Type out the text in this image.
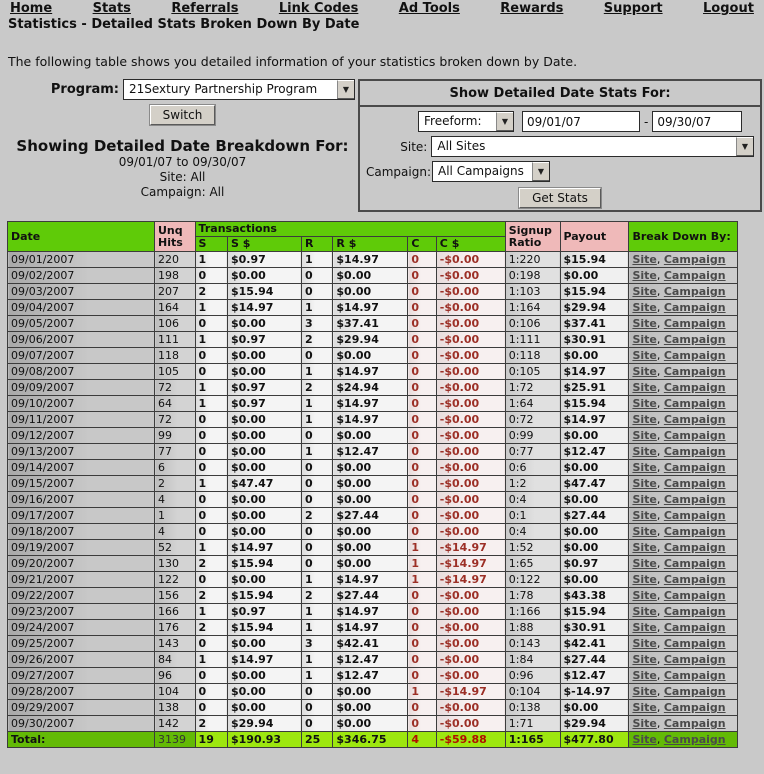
Home	Stats	Referrals	Link Codes	Ad Tools	Rewards	Support	Logout
Statistics - Detailed Stats Broken Down By Date
The following table shows you detailed information of your statistics broken down by Date.
Program: 21Sextury Partnership Program	▼
Switch
Showing Detailed Date Breakdown For:
09/01/07 to 09/30/07
Site: All
Campaign: All
Show Detailed Date Stats For:
Freeform:	▼
09/01/07	-
09/30/07
Site: All Sites	▼
Campaign: All Campaigns	▼
Get Stats
Date	Unq Hits	Transactions						Signup Ratio	Payout	Break Down By:
		S	S $	R	R $	C	C $			
09/01/2007	220	1	$0.97	1	$14.97	0	-$0.00	1:220	$15.94	Site, Campaign
09/02/2007	198	0	$0.00	0	$0.00	0	-$0.00	0:198	$0.00	Site, Campaign
09/03/2007	207	2	$15.94	0	$0.00	0	-$0.00	1:103	$15.94	Site, Campaign
09/04/2007	164	1	$14.97	1	$14.97	0	-$0.00	1:164	$29.94	Site, Campaign
09/05/2007	106	0	$0.00	3	$37.41	0	-$0.00	0:106	$37.41	Site, Campaign
09/06/2007	111	1	$0.97	2	$29.94	0	-$0.00	1:111	$30.91	Site, Campaign
09/07/2007	118	0	$0.00	0	$0.00	0	-$0.00	0:118	$0.00	Site, Campaign
09/08/2007	105	0	$0.00	1	$14.97	0	-$0.00	0:105	$14.97	Site, Campaign
09/09/2007	72	1	$0.97	2	$24.94	0	-$0.00	1:72	$25.91	Site, Campaign
09/10/2007	64	1	$0.97	1	$14.97	0	-$0.00	1:64	$15.94	Site, Campaign
09/11/2007	72	0	$0.00	1	$14.97	0	-$0.00	0:72	$14.97	Site, Campaign
09/12/2007	99	0	$0.00	0	$0.00	0	-$0.00	0:99	$0.00	Site, Campaign
09/13/2007	77	0	$0.00	1	$12.47	0	-$0.00	0:77	$12.47	Site, Campaign
09/14/2007	6	0	$0.00	0	$0.00	0	-$0.00	0:6	$0.00	Site, Campaign
09/15/2007	2	1	$47.47	0	$0.00	0	-$0.00	1:2	$47.47	Site, Campaign
09/16/2007	4	0	$0.00	0	$0.00	0	-$0.00	0:4	$0.00	Site, Campaign
09/17/2007	1	0	$0.00	2	$27.44	0	-$0.00	0:1	$27.44	Site, Campaign
09/18/2007	4	0	$0.00	0	$0.00	0	-$0.00	0:4	$0.00	Site, Campaign
09/19/2007	52	1	$14.97	0	$0.00	1	-$14.97	1:52	$0.00	Site, Campaign
09/20/2007	130	2	$15.94	0	$0.00	1	-$14.97	1:65	$0.97	Site, Campaign
09/21/2007	122	0	$0.00	1	$14.97	1	-$14.97	0:122	$0.00	Site, Campaign
09/22/2007	156	2	$15.94	2	$27.44	0	-$0.00	1:78	$43.38	Site, Campaign
09/23/2007	166	1	$0.97	1	$14.97	0	-$0.00	1:166	$15.94	Site, Campaign
09/24/2007	176	2	$15.94	1	$14.97	0	-$0.00	1:88	$30.91	Site, Campaign
09/25/2007	143	0	$0.00	3	$42.41	0	-$0.00	0:143	$42.41	Site, Campaign
09/26/2007	84	1	$14.97	1	$12.47	0	-$0.00	1:84	$27.44	Site, Campaign
09/27/2007	96	0	$0.00	1	$12.47	0	-$0.00	0:96	$12.47	Site, Campaign
09/28/2007	104	0	$0.00	0	$0.00	1	-$14.97	0:104	$-14.97	Site, Campaign
09/29/2007	138	0	$0.00	0	$0.00	0	-$0.00	0:138	$0.00	Site, Campaign
09/30/2007	142	2	$29.94	0	$0.00	0	-$0.00	1:71	$29.94	Site, Campaign
Total:	3139	19	$190.93	25	$346.75	4	-$59.88	1:165	$477.80	Site, Campaign
